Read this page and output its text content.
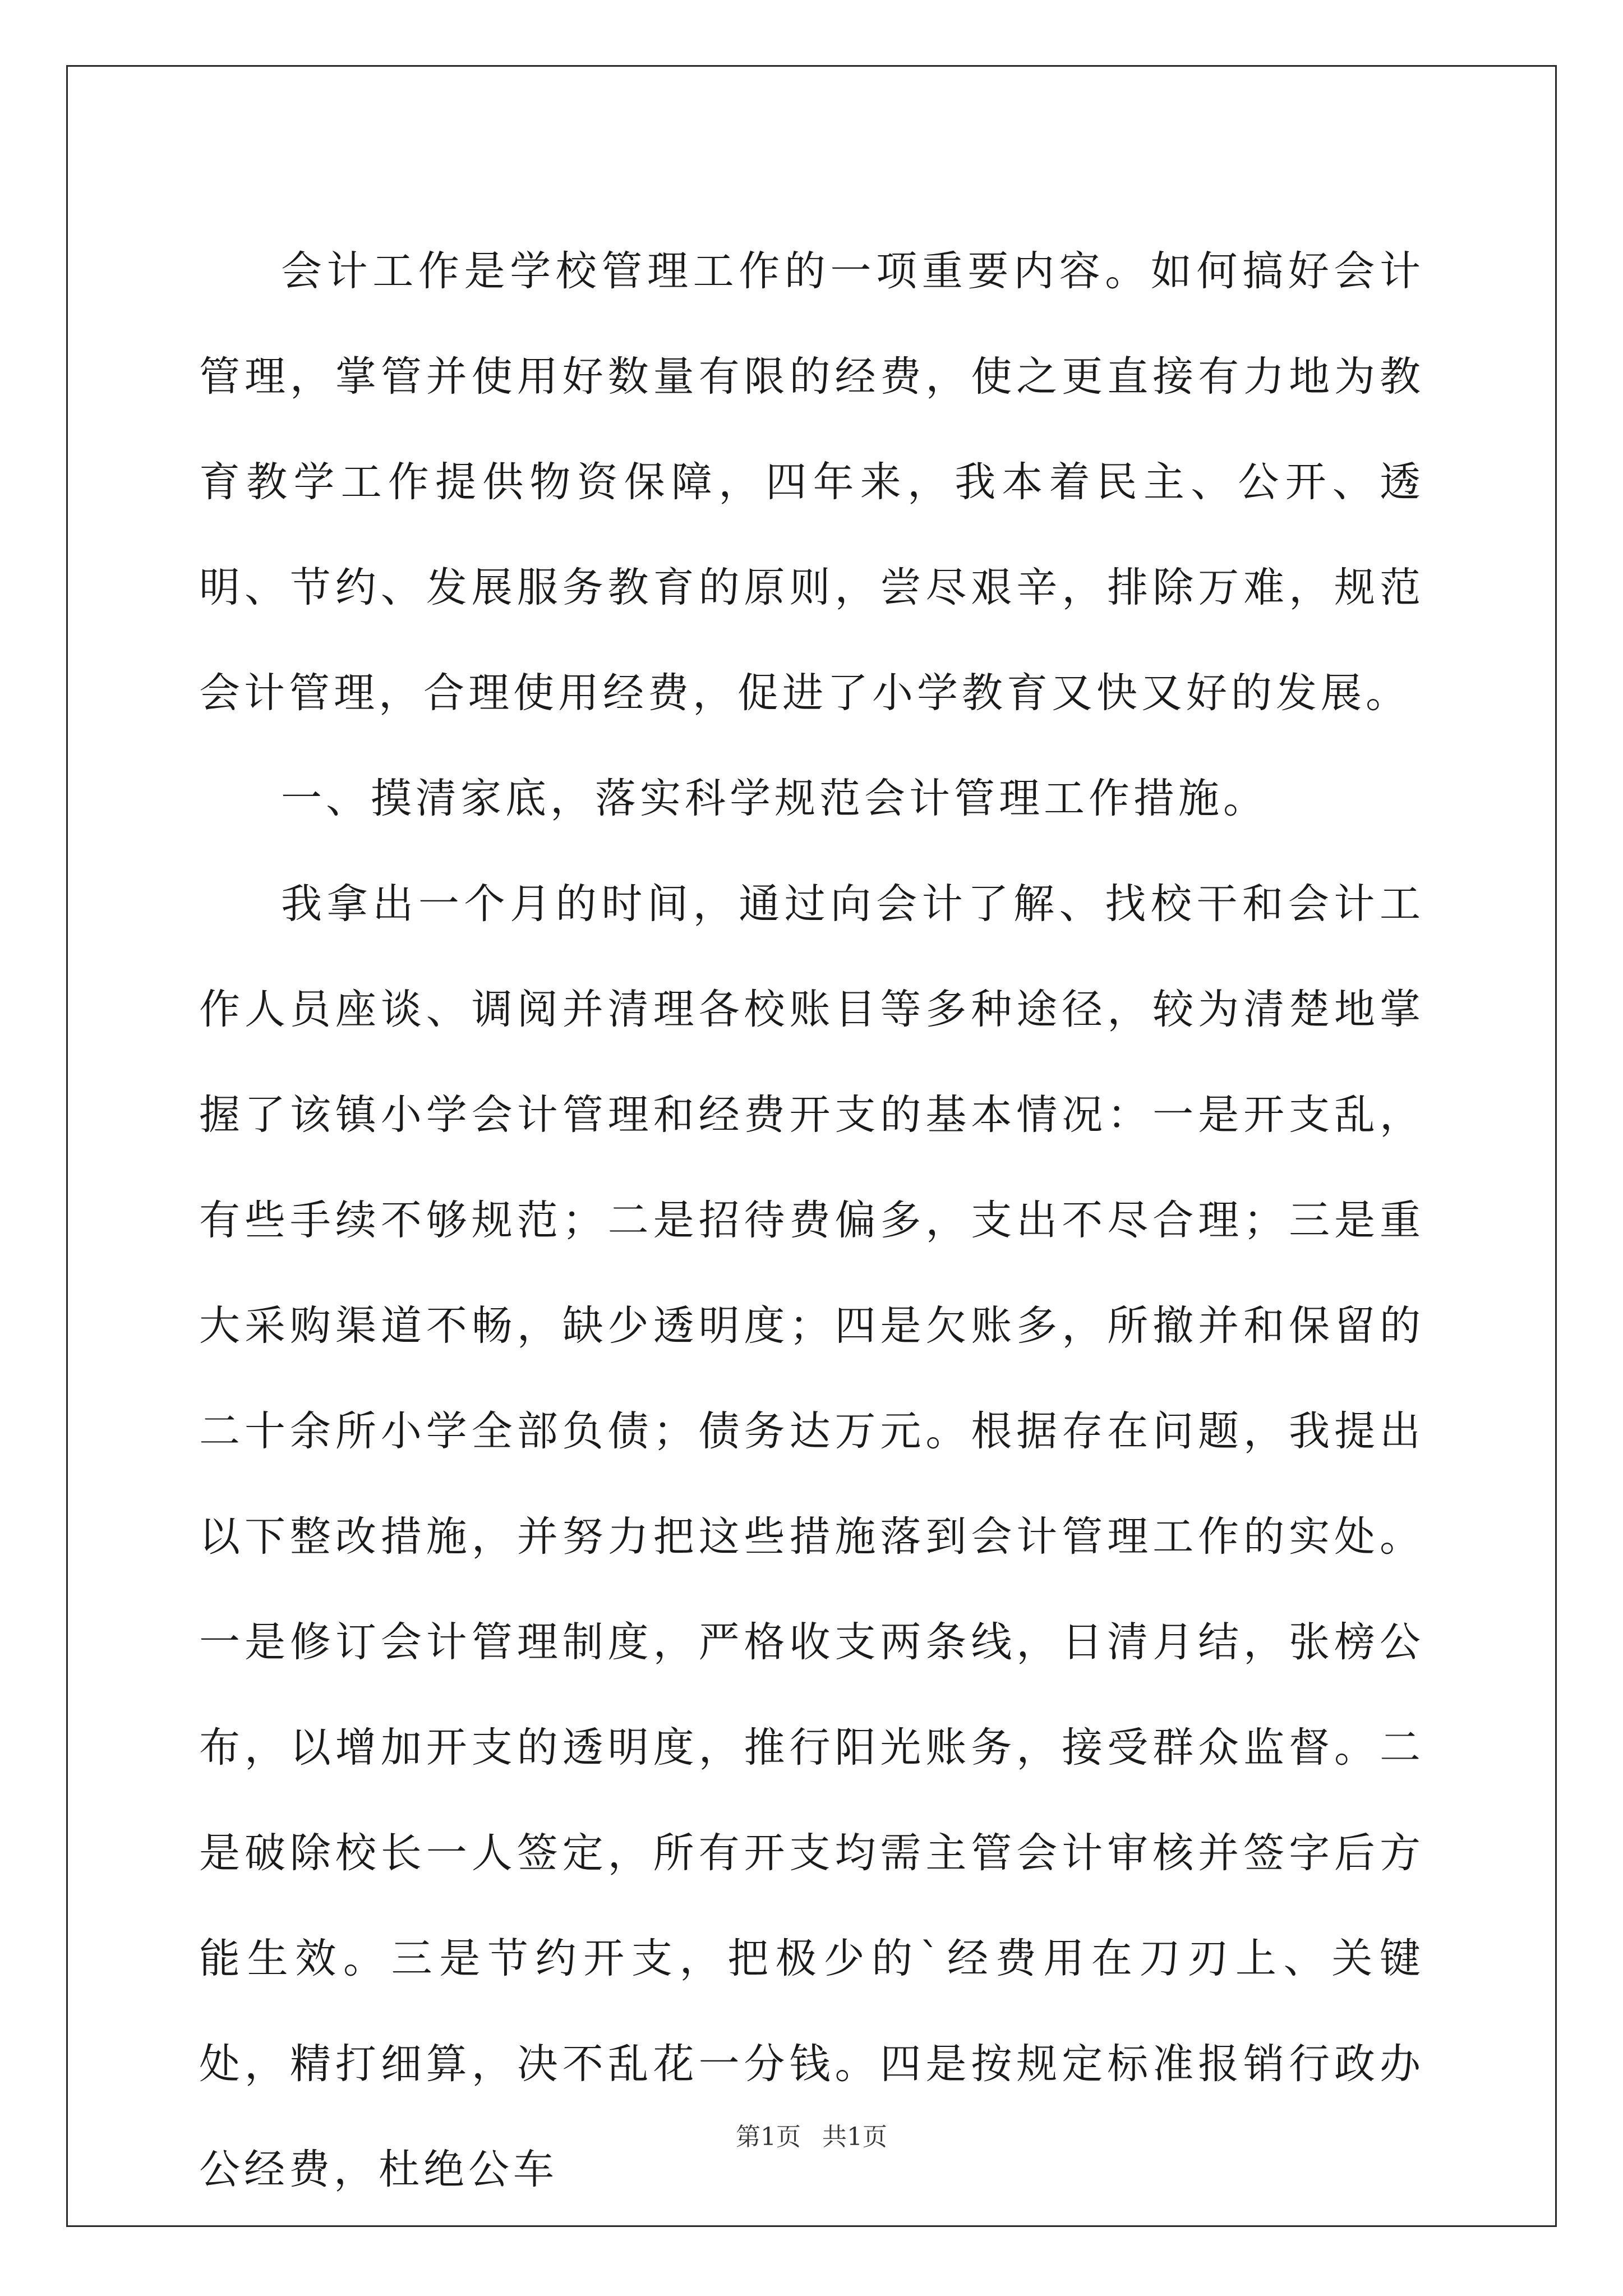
会计工作是学校管理工作的一项重要内容。如何搞好会计管理，掌管并使用好数量有限的经费，使之更直接有力地为教育教学工作提供物资保障，四年来，我本着民主、公开、透明、节约、发展服务教育的原则，尝尽艰辛，排除万难，规范会计管理，合理使用经费，促进了小学教育又快又好的发展。

一、摸清家底，落实科学规范会计管理工作措施。

我拿出一个月的时间，通过向会计了解、找校干和会计工作人员座谈、调阅并清理各校账目等多种途径，较为清楚地掌握了该镇小学会计管理和经费开支的基本情况：一是开支乱，有些手续不够规范；二是招待费偏多，支出不尽合理；三是重大采购渠道不畅，缺少透明度；四是欠账多，所撤并和保留的二十余所小学全部负债；债务达万元。根据存在问题，我提出以下整改措施，并努力把这些措施落到会计管理工作的实处。一是修订会计管理制度，严格收支两条线，日清月结，张榜公布，以增加开支的透明度，推行阳光账务，接受群众监督。二是破除校长一人签定，所有开支均需主管会计审核并签字后方能生效。三是节约开支，把极少的`经费用在刀刃上、关键处，精打细算，决不乱花一分钱。四是按规定标准报销行政办公经费，杜绝公车

第1页 共1页
